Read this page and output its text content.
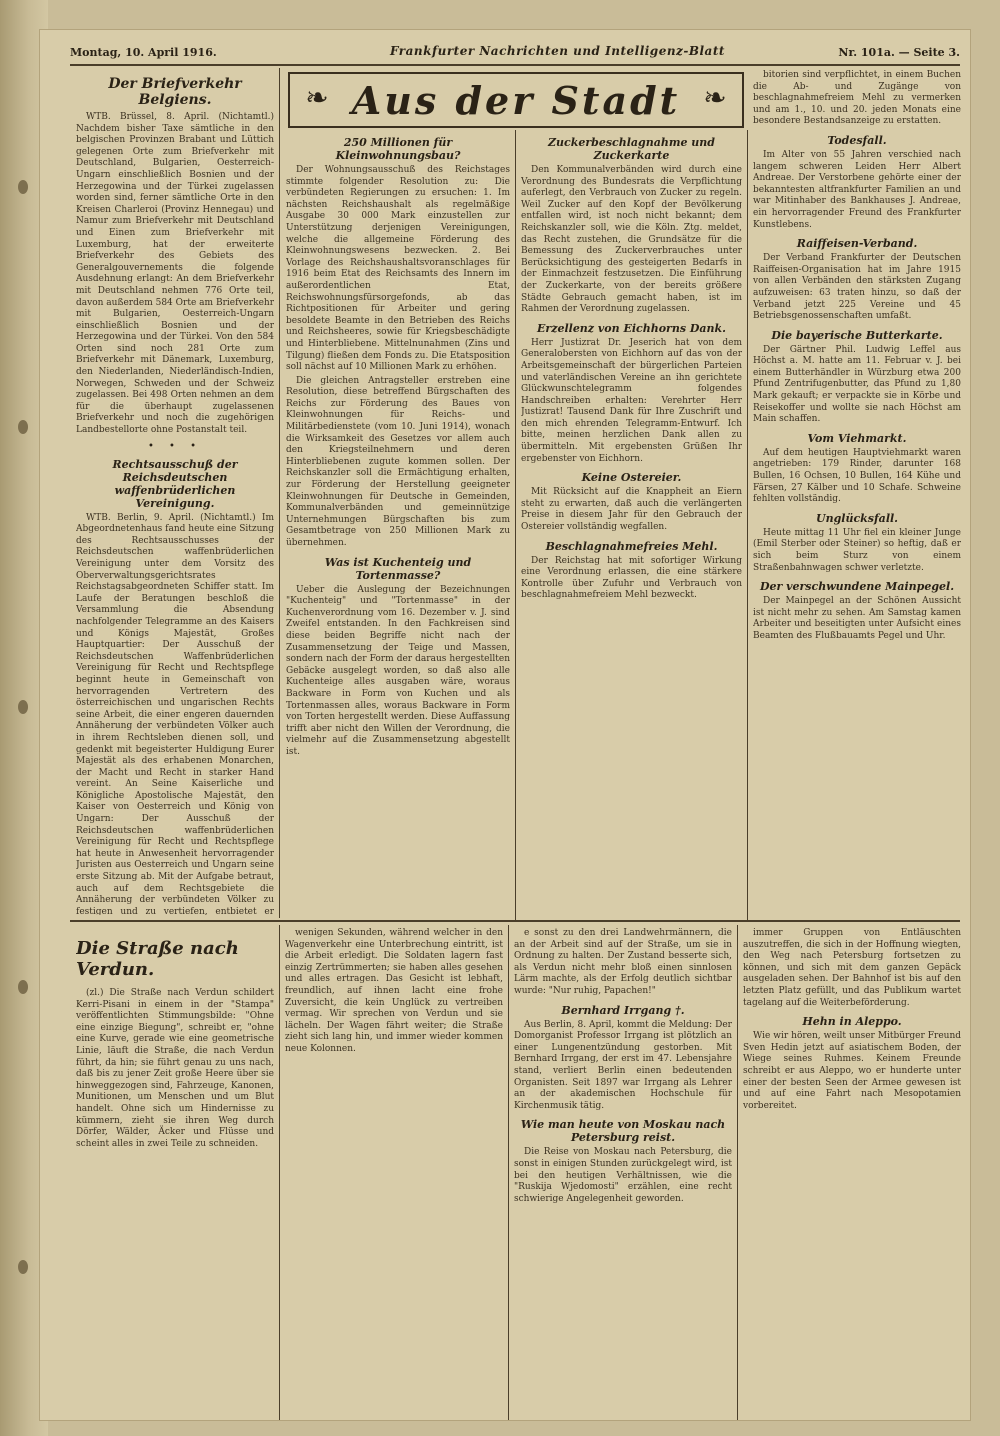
Montag, 10. April 1916.	Frankfurter Nachrichten und Intelligenz-Blatt	Nr. 101a. — Seite 3.
❧ Aus der Stadt ❧
Der Briefverkehr Belgiens.

WTB. Brüssel, 8. April. (Nichtamtl.) Nachdem bisher Taxe sämtliche in den belgischen Provinzen Brabant und Lüttich gelegenen Orte zum Briefverkehr mit Deutschland, Bulgarien, Oesterreich-Ungarn einschließlich Bosnien und der Herzegowina und der Türkei zugelassen worden sind, ferner sämtliche Orte in den Kreisen Charleroi (Provinz Hennegau) und Namur zum Briefverkehr mit Deutschland und Einen zum Briefverkehr mit Luxemburg, hat der erweiterte Briefverkehr des Gebiets des Generalgouvernements die folgende Ausdehnung erlangt: An dem Briefverkehr mit Deutschland nehmen 776 Orte teil, davon außerdem 584 Orte am Briefverkehr mit Bulgarien, Oesterreich-Ungarn einschließlich Bosnien und der Herzegowina und der Türkei. Von den 584 Orten sind noch 281 Orte zum Briefverkehr mit Dänemark, Luxemburg, den Niederlanden, Niederländisch-Indien, Norwegen, Schweden und der Schweiz zugelassen. Bei 498 Orten nehmen an dem für die überhaupt zugelassenen Briefverkehr und noch die zugehörigen Landbestellorte ohne Postanstalt teil.

• • •
Rechtsausschuß der Reichsdeutschen waffenbrüderlichen Vereinigung.

WTB. Berlin, 9. April. (Nichtamtl.) Im Abgeordnetenhaus fand heute eine Sitzung des Rechtsausschusses der Reichsdeutschen waffenbrüderlichen Vereinigung unter dem Vorsitz des Oberverwaltungsgerichtsrates Reichstagsabgeordneten Schiffer statt. Im Laufe der Beratungen beschloß die Versammlung die Absendung nachfolgender Telegramme an des Kaisers und Königs Majestät, Großes Hauptquartier: Der Ausschuß der Reichsdeutschen Waffenbrüderlichen Vereinigung für Recht und Rechtspflege beginnt heute in Gemeinschaft von hervorragenden Vertretern des österreichischen und ungarischen Rechts seine Arbeit, die einer engeren dauernden Annäherung der verbündeten Völker auch in ihrem Rechtsleben dienen soll, und gedenkt mit begeisterter Huldigung Eurer Majestät als des erhabenen Monarchen, der Macht und Recht in starker Hand vereint. An Seine Kaiserliche und Königliche Apostolische Majestät, den Kaiser von Oesterreich und König von Ungarn: Der Ausschuß der Reichsdeutschen waffenbrüderlichen Vereinigung für Recht und Rechtspflege hat heute in Anwesenheit hervorragender Juristen aus Oesterreich und Ungarn seine erste Sitzung ab. Mit der Aufgabe betraut, auch auf dem Rechtsgebiete die Annäherung der verbündeten Völker zu festigen und zu vertiefen, entbietet er

250 Millionen für Kleinwohnungsbau?

Der Wohnungsausschuß des Reichstages stimmte folgender Resolution zu: Die verbündeten Regierungen zu ersuchen: 1. Im nächsten Reichshaushalt als regelmäßige Ausgabe 30 000 Mark einzustellen zur Unterstützung derjenigen Vereinigungen, welche die allgemeine Förderung des Kleinwohnungswesens bezwecken. 2. Bei Vorlage des Reichshaushaltsvoranschlages für 1916 beim Etat des Reichsamts des Innern im außerordentlichen Etat, Reichswohnungsfürsorgefonds, ab das Richtpositionen für Arbeiter und gering besoldete Beamte in den Betrieben des Reichs und Reichsheeres, sowie für Kriegsbeschädigte und Hinterbliebene. Mittelnunahmen (Zins und Tilgung) fließen dem Fonds zu. Die Etatsposition soll nächst auf 10 Millionen Mark zu erhöhen.

Die gleichen Antragsteller erstreben eine Resolution, diese betreffend Bürgschaften des Reichs zur Förderung des Baues von Kleinwohnungen für Reichs- und Militärbedienstete (vom 10. Juni 1914), wonach die Wirksamkeit des Gesetzes vor allem auch den Kriegsteilnehmern und deren Hinterbliebenen zugute kommen sollen. Der Reichskanzler soll die Ermächtigung erhalten, zur Förderung der Herstellung geeigneter Kleinwohnungen für Deutsche in Gemeinden, Kommunalverbänden und gemeinnützige Unternehmungen Bürgschaften bis zum Gesamtbetrage von 250 Millionen Mark zu übernehmen.

Was ist Kuchenteig und Tortenmasse?

Ueber die Auslegung der Bezeichnungen "Kuchenteig" und "Tortenmasse" in der Kuchenverordnung vom 16. Dezember v. J. sind Zweifel entstanden. In den Fachkreisen sind diese beiden Begriffe nicht nach der Zusammensetzung der Teige und Massen, sondern nach der Form der daraus hergestellten Gebäcke ausgelegt worden, so daß also alle Kuchenteige alles ausgaben wäre, woraus Backware in Form von Kuchen und als Tortenmassen alles, woraus Backware in Form von Torten hergestellt werden. Diese Auffassung trifft aber nicht den Willen der Verordnung, die vielmehr auf die Zusammensetzung abgestellt ist.

Zuckerbeschlagnahme und Zuckerkarte

Den Kommunalverbänden wird durch eine Verordnung des Bundesrats die Verpflichtung auferlegt, den Verbrauch von Zucker zu regeln. Weil Zucker auf den Kopf der Bevölkerung entfallen wird, ist noch nicht bekannt; dem Reichskanzler soll, wie die Köln. Ztg. meldet, das Recht zustehen, die Grundsätze für die Bemessung des Zuckerverbrauches unter Berücksichtigung des gesteigerten Bedarfs in der Einmachzeit festzusetzen. Die Einführung der Zuckerkarte, von der bereits größere Städte Gebrauch gemacht haben, ist im Rahmen der Verordnung zugelassen.

Erzellenz von Eichhorns Dank.

Herr Justizrat Dr. Jeserich hat von dem Generalobersten von Eichhorn auf das von der Arbeitsgemeinschaft der bürgerlichen Parteien und vaterländischen Vereine an ihn gerichtete Glückwunschtelegramm folgendes Handschreiben erhalten: Verehrter Herr Justizrat! Tausend Dank für Ihre Zuschrift und den mich ehrenden Telegramm-Entwurf. Ich bitte, meinen herzlichen Dank allen zu übermitteln. Mit ergebensten Grüßen Ihr ergebenster von Eichhorn.

Keine Ostereier.

Mit Rücksicht auf die Knappheit an Eiern steht zu erwarten, daß auch die verlängerten Preise in diesem Jahr für den Gebrauch der Ostereier vollständig wegfallen.

Beschlagnahmefreies Mehl.

Der Reichstag hat mit sofortiger Wirkung eine Verordnung erlassen, die eine stärkere Kontrolle über Zufuhr und Verbrauch von beschlagnahmefreiem Mehl bezweckt.

bitorien sind verpflichtet, in einem Buchen die Ab- und Zugänge von beschlagnahmefreiem Mehl zu vermerken und am 1., 10. und 20. jeden Monats eine besondere Bestandsanzeige zu erstatten.

Todesfall.

Im Alter von 55 Jahren verschied nach langem schweren Leiden Herr Albert Andreae. Der Verstorbene gehörte einer der bekanntesten altfrankfurter Familien an und war Mitinhaber des Bankhauses J. Andreae, ein hervorragender Freund des Frankfurter Kunstlebens.

Raiffeisen-Verband.

Der Verband Frankfurter der Deutschen Raiffeisen-Organisation hat im Jahre 1915 von allen Verbänden den stärksten Zugang aufzuweisen: 63 traten hinzu, so daß der Verband jetzt 225 Vereine und 45 Betriebsgenossenschaften umfaßt.

Die bayerische Butterkarte.

Der Gärtner Phil. Ludwig Leffel aus Höchst a. M. hatte am 11. Februar v. J. bei einem Butterhändler in Würzburg etwa 200 Pfund Zentrifugenbutter, das Pfund zu 1,80 Mark gekauft; er verpackte sie in Körbe und Reisekoffer und wollte sie nach Höchst am Main schaffen.

Vom Viehmarkt.

Auf dem heutigen Hauptviehmarkt waren angetrieben: 179 Rinder, darunter 168 Bullen, 16 Ochsen, 10 Bullen, 164 Kühe und Färsen, 27 Kälber und 10 Schafe. Schweine fehlten vollständig.

Unglücksfall.

Heute mittag 11 Uhr fiel ein kleiner Junge (Emil Sterber oder Steiner) so heftig, daß er sich beim Sturz von einem Straßenbahnwagen schwer verletzte.

Der verschwundene Mainpegel.

Der Mainpegel an der Schönen Aussicht ist nicht mehr zu sehen. Am Samstag kamen Arbeiter und beseitigten unter Aufsicht eines Beamten des Flußbauamts Pegel und Uhr.

Die Straße nach Verdun.

(zl.) Die Straße nach Verdun schildert Kerri-Pisani in einem in der "Stampa" veröffentlichten Stimmungsbilde: "Ohne eine einzige Biegung", schreibt er, "ohne eine Kurve, gerade wie eine geometrische Linie, läuft die Straße, die nach Verdun führt, da hin; sie führt genau zu uns nach, daß bis zu jener Zeit große Heere über sie hinweggezogen sind, Fahrzeuge, Kanonen, Munitionen, um Menschen und um Blut handelt. Ohne sich um Hindernisse zu kümmern, zieht sie ihren Weg durch Dörfer, Wälder, Äcker und Flüsse und scheint alles in zwei Teile zu schneiden.

wenigen Sekunden, während welcher in den Wagenverkehr eine Unterbrechung eintritt, ist die Arbeit erledigt. Die Soldaten lagern fast einzig Zertrümmerten; sie haben alles gesehen und alles ertragen. Das Gesicht ist lebhaft, freundlich, auf ihnen lacht eine frohe Zuversicht, die kein Unglück zu vertreiben vermag. Wir sprechen von Verdun und sie lächeln. Der Wagen fährt weiter; die Straße zieht sich lang hin, und immer wieder kommen neue Kolonnen.

e sonst zu den drei Landwehrmännern, die an der Arbeit sind auf der Straße, um sie in Ordnung zu halten. Der Zustand besserte sich, als Verdun nicht mehr bloß einen sinnlosen Lärm machte, als der Erfolg deutlich sichtbar wurde: "Nur ruhig, Papachen!"

Bernhard Irrgang †.

Aus Berlin, 8. April, kommt die Meldung: Der Domorganist Professor Irrgang ist plötzlich an einer Lungenentzündung gestorben. Mit Bernhard Irrgang, der erst im 47. Lebensjahre stand, verliert Berlin einen bedeutenden Organisten. Seit 1897 war Irrgang als Lehrer an der akademischen Hochschule für Kirchenmusik tätig.

Wie man heute von Moskau nach Petersburg reist.

Die Reise von Moskau nach Petersburg, die sonst in einigen Stunden zurückgelegt wird, ist bei den heutigen Verhältnissen, wie die "Ruskija Wjedomosti" erzählen, eine recht schwierige Angelegenheit geworden.

immer Gruppen von Entläuschten auszutreffen, die sich in der Hoffnung wiegten, den Weg nach Petersburg fortsetzen zu können, und sich mit dem ganzen Gepäck ausgeladen sehen. Der Bahnhof ist bis auf den letzten Platz gefüllt, und das Publikum wartet tagelang auf die Weiterbeförderung.

Hehn in Aleppo.

Wie wir hören, weilt unser Mitbürger Freund Sven Hedin jetzt auf asiatischem Boden, der Wiege seines Ruhmes. Keinem Freunde schreibt er aus Aleppo, wo er hunderte unter einer der besten Seen der Armee gewesen ist und auf eine Fahrt nach Mesopotamien vorbereitet.
